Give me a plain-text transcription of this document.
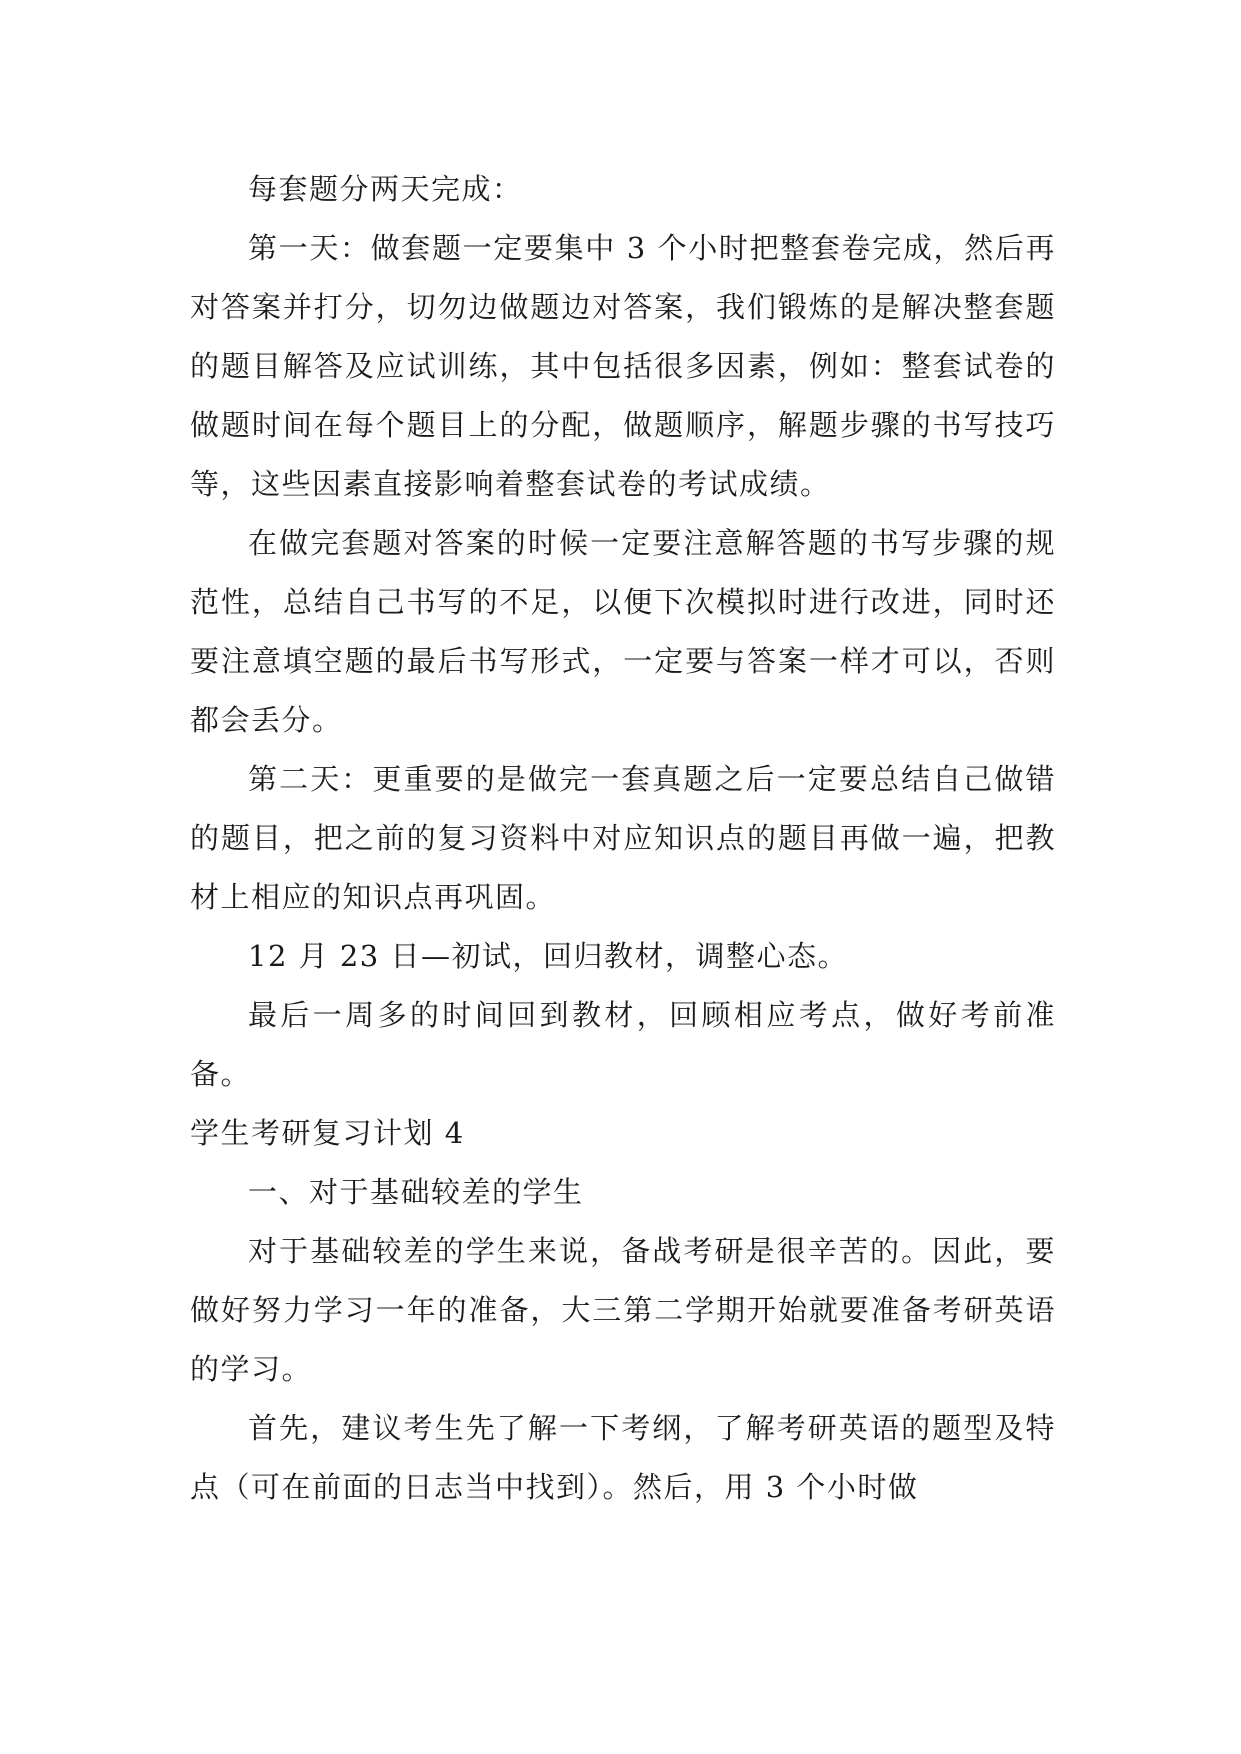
每套题分两天完成：

第一天：做套题一定要集中 3 个小时把整套卷完成，然后再对答案并打分，切勿边做题边对答案，我们锻炼的是解决整套题的题目解答及应试训练，其中包括很多因素，例如：整套试卷的做题时间在每个题目上的分配，做题顺序，解题步骤的书写技巧等，这些因素直接影响着整套试卷的考试成绩。

在做完套题对答案的时候一定要注意解答题的书写步骤的规范性，总结自己书写的不足，以便下次模拟时进行改进，同时还要注意填空题的最后书写形式，一定要与答案一样才可以，否则都会丢分。

第二天：更重要的是做完一套真题之后一定要总结自己做错的题目，把之前的复习资料中对应知识点的题目再做一遍，把教材上相应的知识点再巩固。

12 月 23 日—初试，回归教材，调整心态。

最后一周多的时间回到教材，回顾相应考点，做好考前准备。

学生考研复习计划 4

一、对于基础较差的学生

对于基础较差的学生来说，备战考研是很辛苦的。因此，要做好努力学习一年的准备，大三第二学期开始就要准备考研英语的学习。

首先，建议考生先了解一下考纲，了解考研英语的题型及特点（可在前面的日志当中找到）。然后，用 3 个小时做
